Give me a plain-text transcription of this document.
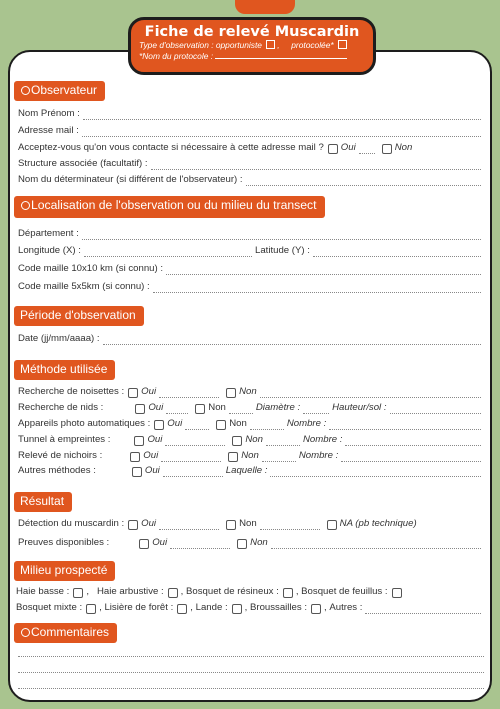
Fiche de relevé Muscardin
Type d'observation : opportuniste ,     protocolée*
*Nom du protocole :
Observateur
Nom Prénom :
Adresse mail :
Acceptez-vous qu'on vous contacte si nécessaire à cette adresse mail ? Oui	Non
Structure associée (facultatif) :
Nom du déterminateur (si différent de l'observateur) :
Localisation de l'observation ou du milieu du transect
Département :
Longitude (X) :	Latitude (Y) :
Code maille 10x10 km (si connu) :
Code maille 5x5km (si connu) :
Période d'observation
Date (jj/mm/aaaa) :
Méthode utilisée
Recherche de noisettes : Oui	Non
Recherche de nids :	Oui	Non	Diamètre :	Hauteur/sol :
Appareils photo automatiques : Oui	Non	Nombre :
Tunnel à empreintes :	Oui	Non	Nombre :
Relevé de nichoirs :	Oui	Non	Nombre :
Autres méthodes :	Oui	Laquelle :
Résultat
Détection du muscardin : Oui	Non	NA (pb technique)
Preuves disponibles :	Oui	Non
Milieu prospecté
Haie basse : , Haie arbustive : , Bosquet de résineux : , Bosquet de feuillus :
Bosquet mixte : , Lisière de forêt : , Lande : , Broussailles : , Autres :
Commentaires
